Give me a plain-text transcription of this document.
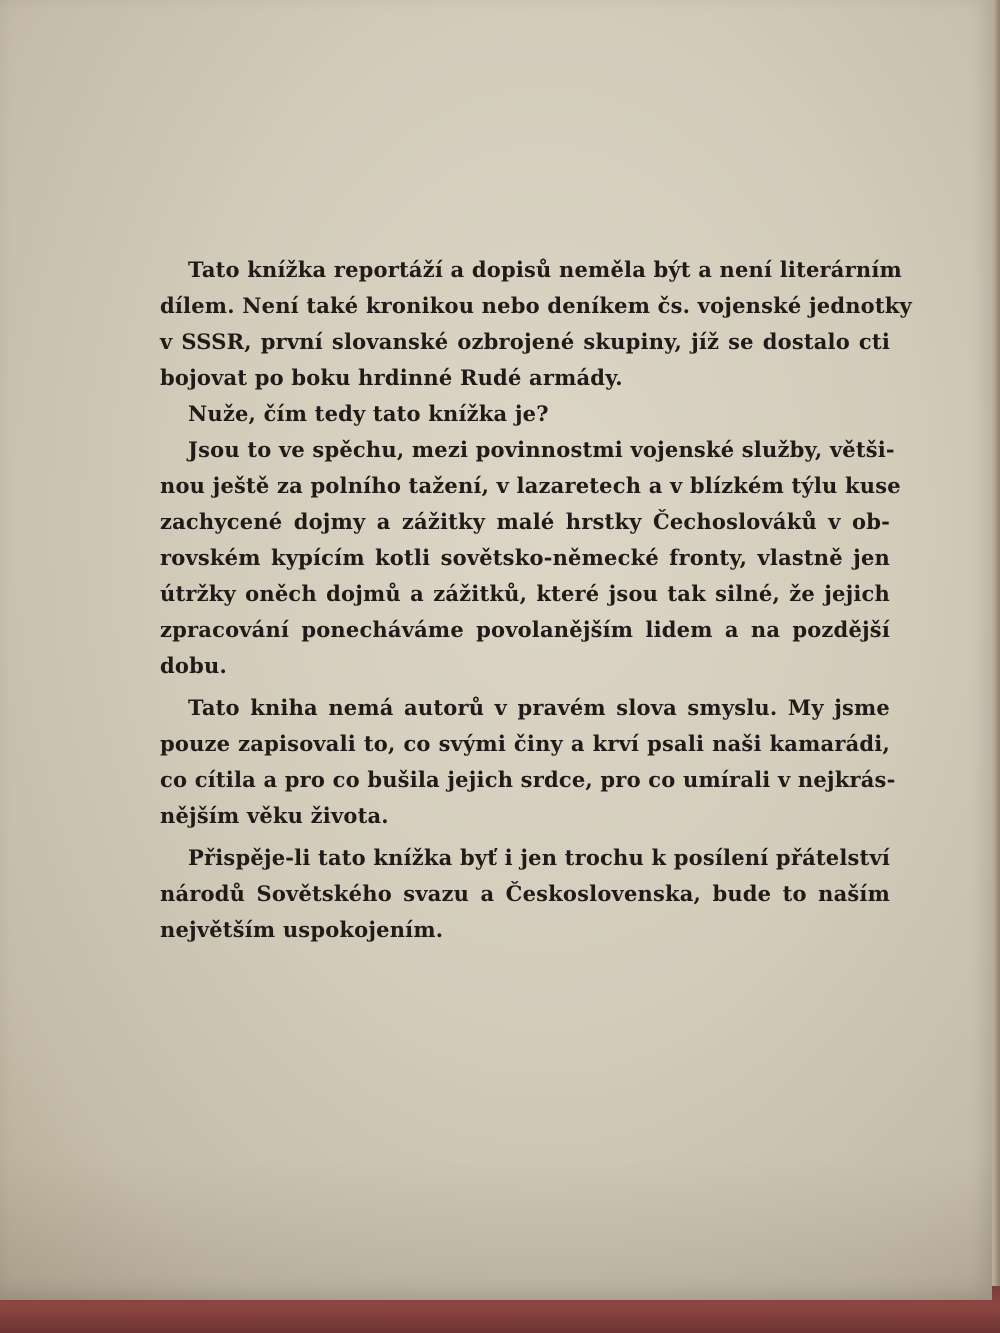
Tato knížka reportáží a dopisů neměla být a není literárním
dílem. Není také kronikou nebo deníkem čs. vojenské jednotky
v SSSR, první slovanské ozbrojené skupiny, jíž se dostalo cti
bojovat po boku hrdinné Rudé armády.
Nuže, čím tedy tato knížka je?
Jsou to ve spěchu, mezi povinnostmi vojenské služby, větši-
nou ještě za polního tažení, v lazaretech a v blízkém týlu kuse
zachycené dojmy a zážitky malé hrstky Čechoslováků v ob-
rovském kypícím kotli sovětsko-německé fronty, vlastně jen
útržky oněch dojmů a zážitků, které jsou tak silné, že jejich
zpracování ponecháváme povolanějším lidem a na pozdější
dobu.
Tato kniha nemá autorů v pravém slova smyslu. My jsme
pouze zapisovali to, co svými činy a krví psali naši kamarádi,
co cítila a pro co bušila jejich srdce, pro co umírali v nejkrás-
nějším věku života.
Přispěje-li tato knížka byť i jen trochu k posílení přátelství
národů Sovětského svazu a Československa, bude to naším
největším uspokojením.
